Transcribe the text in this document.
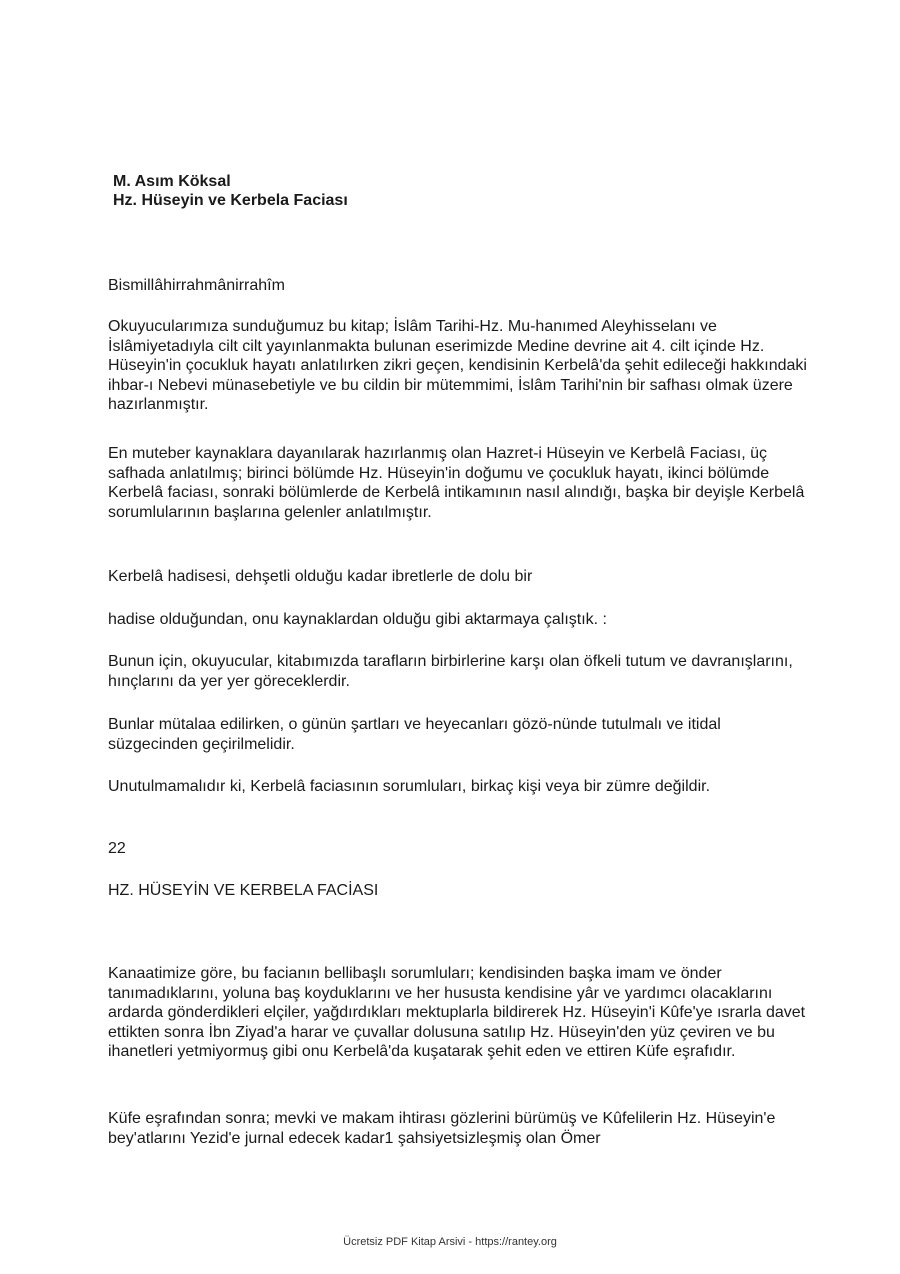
M. Asım Köksal
Hz. Hüseyin ve Kerbela Faciası

Bismillâhirrahmânirrahîm

Okuyucularımıza sunduğumuz bu kitap; İslâm Tarihi-Hz. Mu-hanımed Aleyhisselanı ve İslâmiyetadıyla cilt cilt yayınlanmakta bulunan eserimizde Medine devrine ait 4. cilt içinde Hz. Hüseyin'in çocukluk hayatı anlatılırken zikri geçen, kendisinin Kerbelâ'da şehit edileceği hakkındaki ihbar-ı Nebevi münasebetiyle ve bu cildin bir mütemmimi, İslâm Tarihi'nin bir safhası olmak üzere hazırlanmıştır.

En muteber kaynaklara dayanılarak hazırlanmış olan Hazret-i Hüseyin ve Kerbelâ Faciası, üç safhada anlatılmış; birinci bölümde Hz. Hüseyin'in doğumu ve çocukluk hayatı, ikinci bölümde Kerbelâ faciası, sonraki bölümlerde de Kerbelâ intikamının nasıl alındığı, başka bir deyişle Kerbelâ sorumlularının başlarına gelenler anlatılmıştır.

Kerbelâ hadisesi, dehşetli olduğu kadar ibretlerle de dolu bir

hadise olduğundan, onu kaynaklardan olduğu gibi aktarmaya çalıştık. :

Bunun için, okuyucular, kitabımızda tarafların birbirlerine karşı olan öfkeli tutum ve davranışlarını, hınçlarını da yer yer göreceklerdir.

Bunlar mütalaa edilirken, o günün şartları ve heyecanları gözö-nünde tutulmalı ve itidal süzgecinden geçirilmelidir.

Unutulmamalıdır ki, Kerbelâ faciasının sorumluları, birkaç kişi veya bir zümre değildir.

22

HZ. HÜSEYİN VE KERBELA FACİASI

Kanaatimize göre, bu facianın bellibaşlı sorumluları; kendisinden başka imam ve önder tanımadıklarını, yoluna baş koyduklarını ve her hususta kendisine yâr ve yardımcı olacaklarını ardarda gönderdikleri elçiler, yağdırdıkları mektuplarla bildirerek Hz. Hüseyin'i Kûfe'ye ısrarla davet ettikten sonra İbn Ziyad'a harar ve çuvallar dolusuna satılıp Hz. Hüseyin'den yüz çeviren ve bu ihanetleri yetmiyormuş gibi onu Kerbelâ'da kuşatarak şehit eden ve ettiren Küfe eşrafıdır.

Küfe eşrafından sonra; mevki ve makam ihtirası gözlerini bürümüş ve Kûfelilerin Hz. Hüseyin'e bey'atlarını Yezid'e jurnal edecek kadar1 şahsiyetsizleşmiş olan Ömer

Ücretsiz PDF Kitap Arsivi - https://rantey.org
